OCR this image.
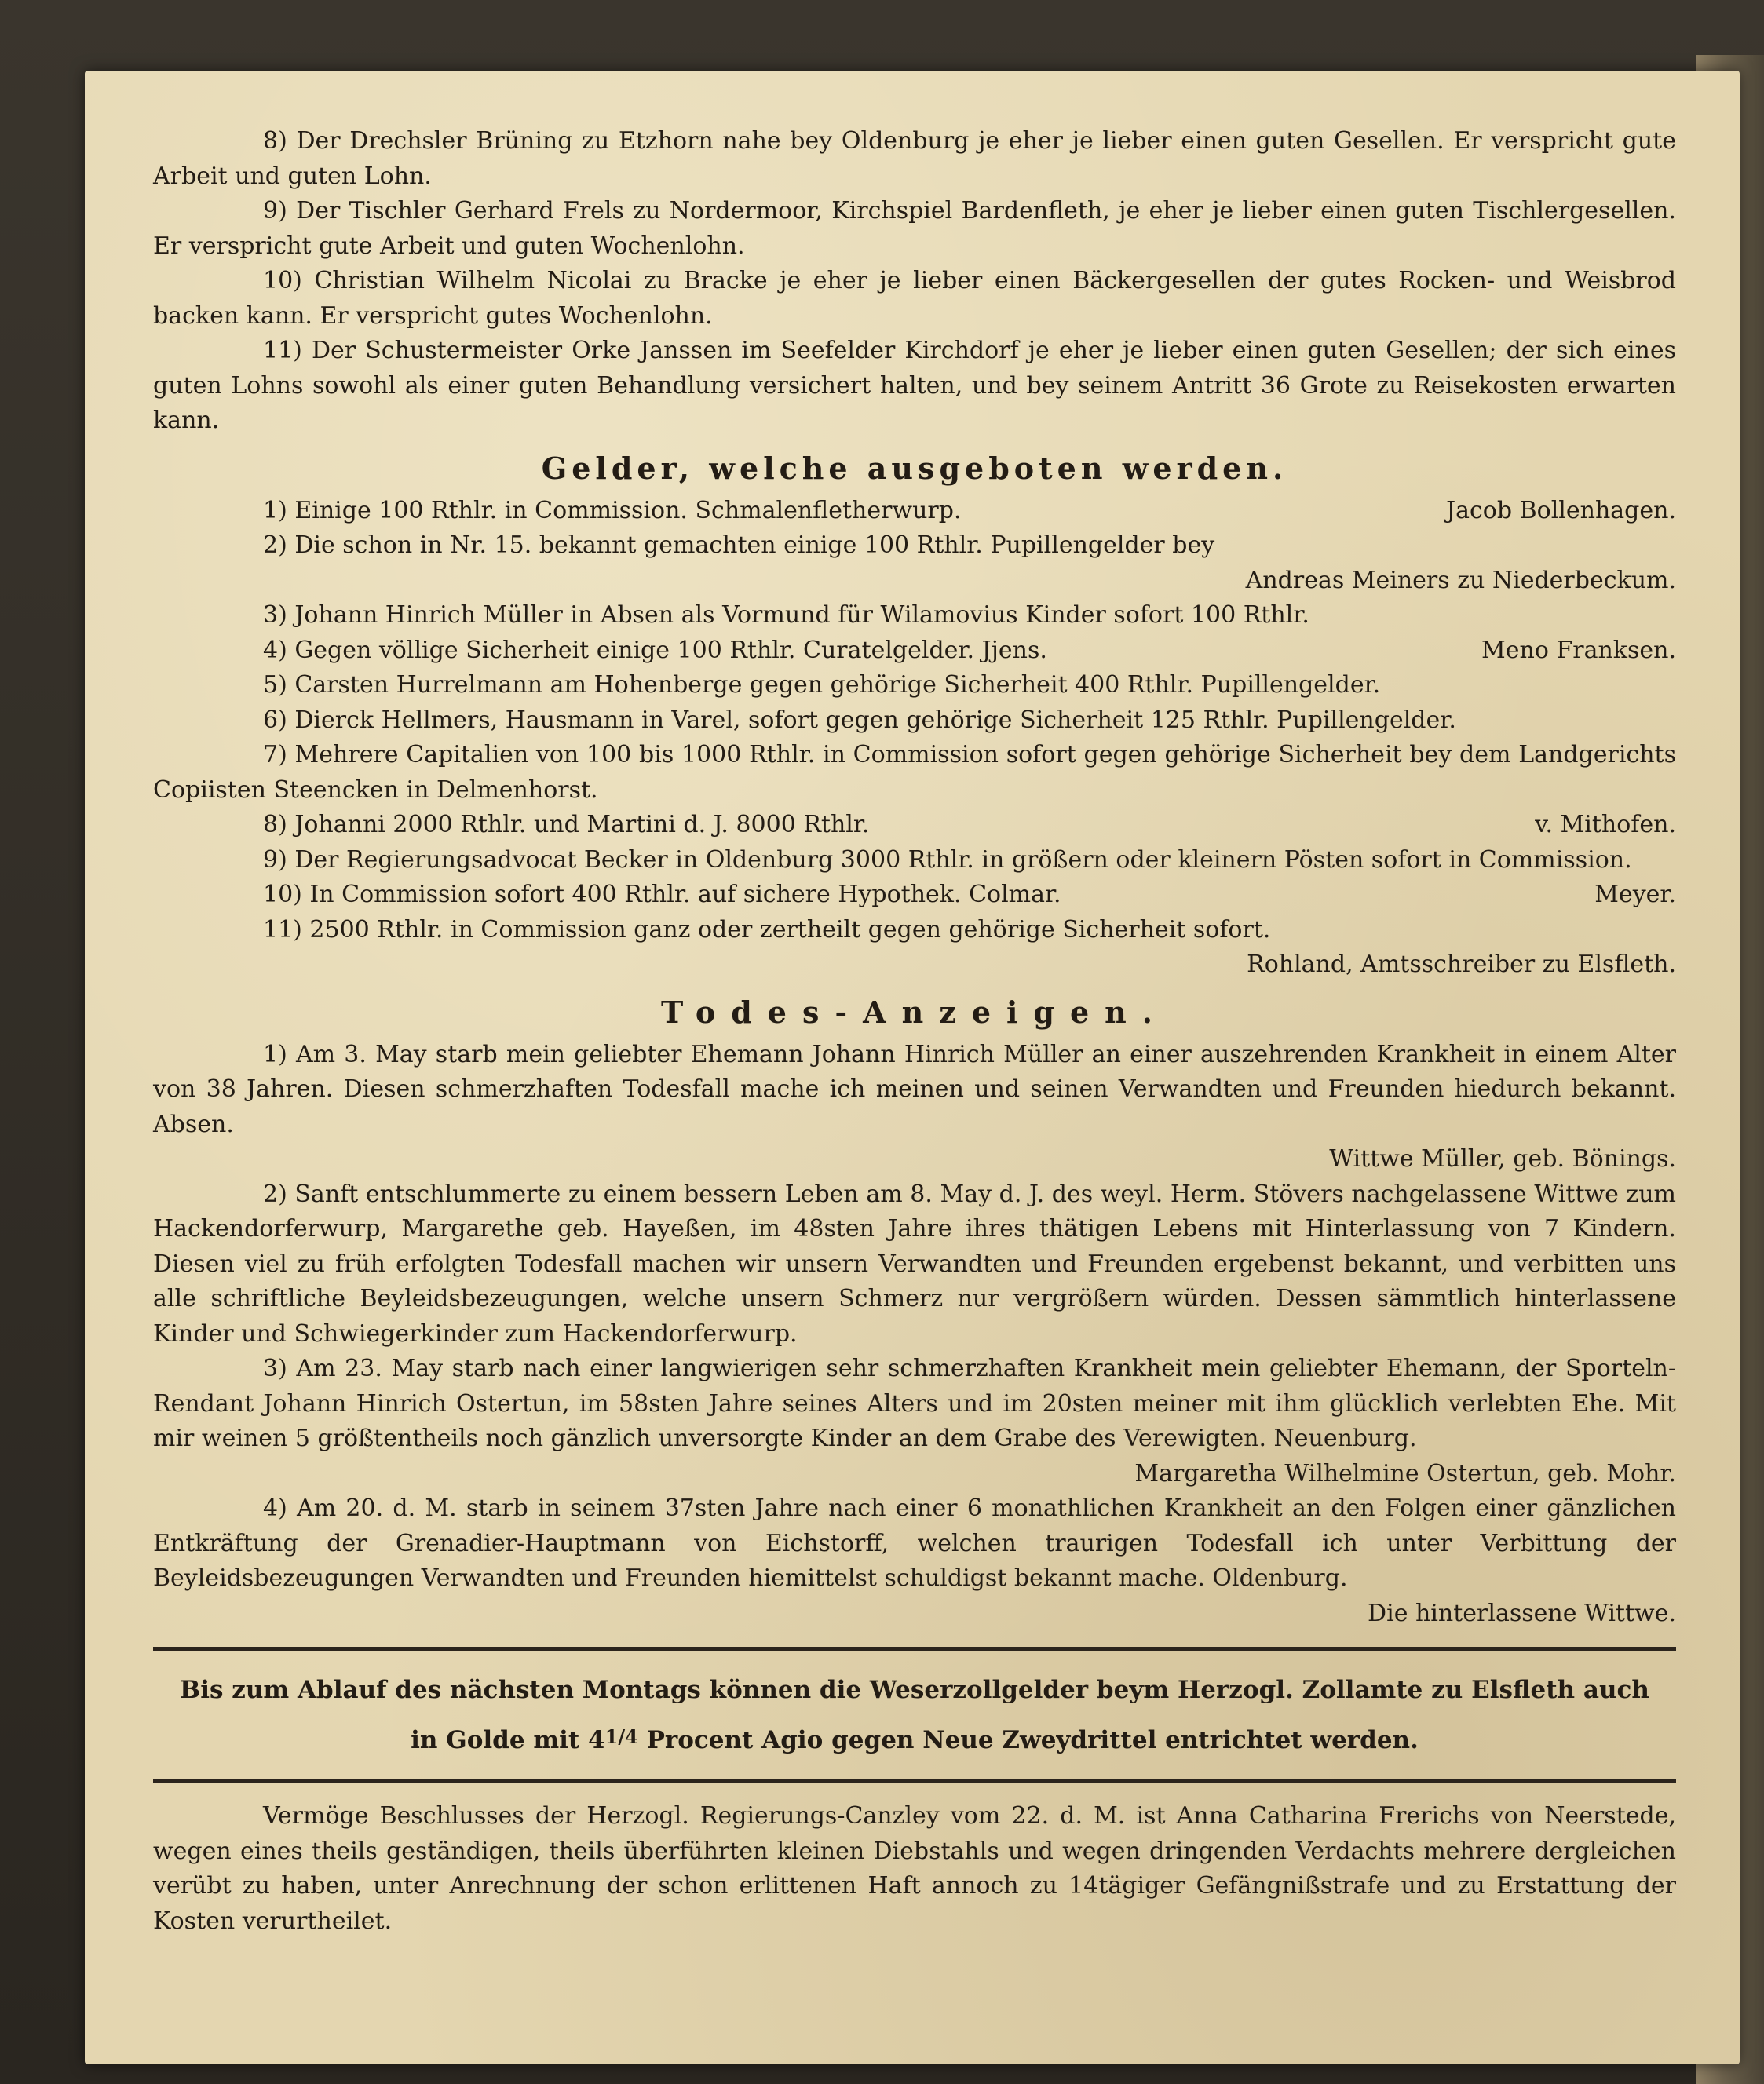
8) Der Drechsler Brüning zu Etzhorn nahe bey Oldenburg je eher je lieber einen guten Gesellen. Er verspricht gute Arbeit und guten Lohn.

9) Der Tischler Gerhard Frels zu Nordermoor, Kirchspiel Bardenfleth, je eher je lieber einen guten Tischlergesellen. Er verspricht gute Arbeit und guten Wochenlohn.

10) Christian Wilhelm Nicolai zu Bracke je eher je lieber einen Bäckergesellen der gutes Rocken- und Weisbrod backen kann. Er verspricht gutes Wochenlohn.

11) Der Schustermeister Orke Janssen im Seefelder Kirchdorf je eher je lieber einen guten Gesellen; der sich eines guten Lohns sowohl als einer guten Behandlung versichert halten, und bey seinem Antritt 36 Grote zu Reisekosten erwarten kann.

Gelder, welche ausgeboten werden.

1) Einige 100 Rthlr. in Commission. Schmalenfletherwurp.	Jacob Bollenhagen.

2) Die schon in Nr. 15. bekannt gemachten einige 100 Rthlr. Pupillengelder bey

Andreas Meiners zu Niederbeckum.

3) Johann Hinrich Müller in Absen als Vormund für Wilamovius Kinder sofort 100 Rthlr.

4) Gegen völlige Sicherheit einige 100 Rthlr. Curatelgelder. Jjens.	Meno Franksen.

5) Carsten Hurrelmann am Hohenberge gegen gehörige Sicherheit 400 Rthlr. Pupillengelder.

6) Dierck Hellmers, Hausmann in Varel, sofort gegen gehörige Sicherheit 125 Rthlr. Pupillengelder.

7) Mehrere Capitalien von 100 bis 1000 Rthlr. in Commission sofort gegen gehörige Sicherheit bey dem Landgerichts Copiisten Steencken in Delmenhorst.

8) Johanni 2000 Rthlr. und Martini d. J. 8000 Rthlr.	v. Mithofen.

9) Der Regierungsadvocat Becker in Oldenburg 3000 Rthlr. in größern oder kleinern Pösten sofort in Commission.

10) In Commission sofort 400 Rthlr. auf sichere Hypothek. Colmar.	Meyer.

11) 2500 Rthlr. in Commission ganz oder zertheilt gegen gehörige Sicherheit sofort.

Rohland, Amtsschreiber zu Elsfleth.

Todes-Anzeigen.

1) Am 3. May starb mein geliebter Ehemann Johann Hinrich Müller an einer auszehrenden Krankheit in einem Alter von 38 Jahren. Diesen schmerzhaften Todesfall mache ich meinen und seinen Verwandten und Freunden hiedurch bekannt. Absen.

Wittwe Müller, geb. Bönings.

2) Sanft entschlummerte zu einem bessern Leben am 8. May d. J. des weyl. Herm. Stövers nachgelassene Wittwe zum Hackendorferwurp, Margarethe geb. Hayeßen, im 48sten Jahre ihres thätigen Lebens mit Hinterlassung von 7 Kindern. Diesen viel zu früh erfolgten Todesfall machen wir unsern Verwandten und Freunden ergebenst bekannt, und verbitten uns alle schriftliche Beyleidsbezeugungen, welche unsern Schmerz nur vergrößern würden. Dessen sämmtlich hinterlassene Kinder und Schwiegerkinder zum Hackendorferwurp.

3) Am 23. May starb nach einer langwierigen sehr schmerzhaften Krankheit mein geliebter Ehemann, der Sporteln-Rendant Johann Hinrich Ostertun, im 58sten Jahre seines Alters und im 20sten meiner mit ihm glücklich verlebten Ehe. Mit mir weinen 5 größtentheils noch gänzlich unversorgte Kinder an dem Grabe des Verewigten. Neuenburg.

Margaretha Wilhelmine Ostertun, geb. Mohr.

4) Am 20. d. M. starb in seinem 37sten Jahre nach einer 6 monathlichen Krankheit an den Folgen einer gänzlichen Entkräftung der Grenadier-Hauptmann von Eichstorff, welchen traurigen Todesfall ich unter Verbittung der Beyleidsbezeugungen Verwandten und Freunden hiemittelst schuldigst bekannt mache. Oldenburg.

Die hinterlassene Wittwe.

Bis zum Ablauf des nächsten Montags können die Weserzollgelder beym Herzogl. Zollamte zu Elsfleth auch

in Golde mit 41/4 Procent Agio gegen Neue Zweydrittel entrichtet werden.

Vermöge Beschlusses der Herzogl. Regierungs-Canzley vom 22. d. M. ist Anna Catharina Frerichs von Neerstede, wegen eines theils geständigen, theils überführten kleinen Diebstahls und wegen dringenden Verdachts mehrere dergleichen verübt zu haben, unter Anrechnung der schon erlittenen Haft annoch zu 14tägiger Gefängnißstrafe und zu Erstattung der Kosten verurtheilet.
